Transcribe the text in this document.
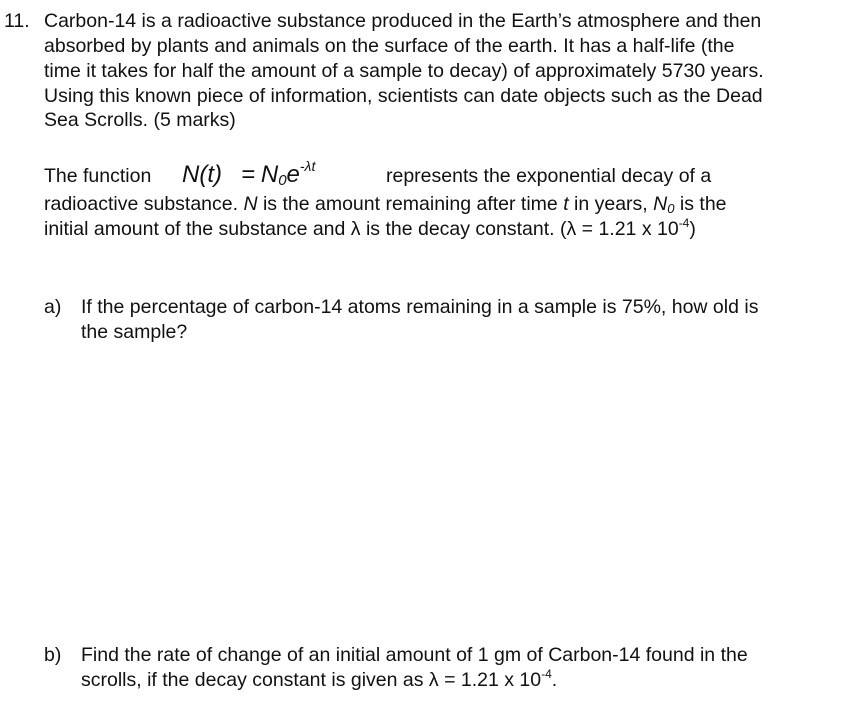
11. Carbon-14 is a radioactive substance produced in the Earth’s atmosphere and then
absorbed by plants and animals on the surface of the earth. It has a half-life (the
time it takes for half the amount of a sample to decay) of approximately 5730 years.
Using this known piece of information, scientists can date objects such as the Dead
Sea Scrolls. (5 marks)
The function $N(t) = N0e^{-\lambda t}$	represents the exponential decay of a
radioactive substance. N is the amount remaining after time t in years, N0 is the
initial amount of the substance and λ is the decay constant. (λ = 1.21 x $10^{-4}$)
a) If the percentage of carbon-14 atoms remaining in a sample is 75%, how old is
the sample?
b) Find the rate of change of an initial amount of 1 gm of Carbon-14 found in the
scrolls, if the decay constant is given as λ = 1.21 x $10^{-4}$.
